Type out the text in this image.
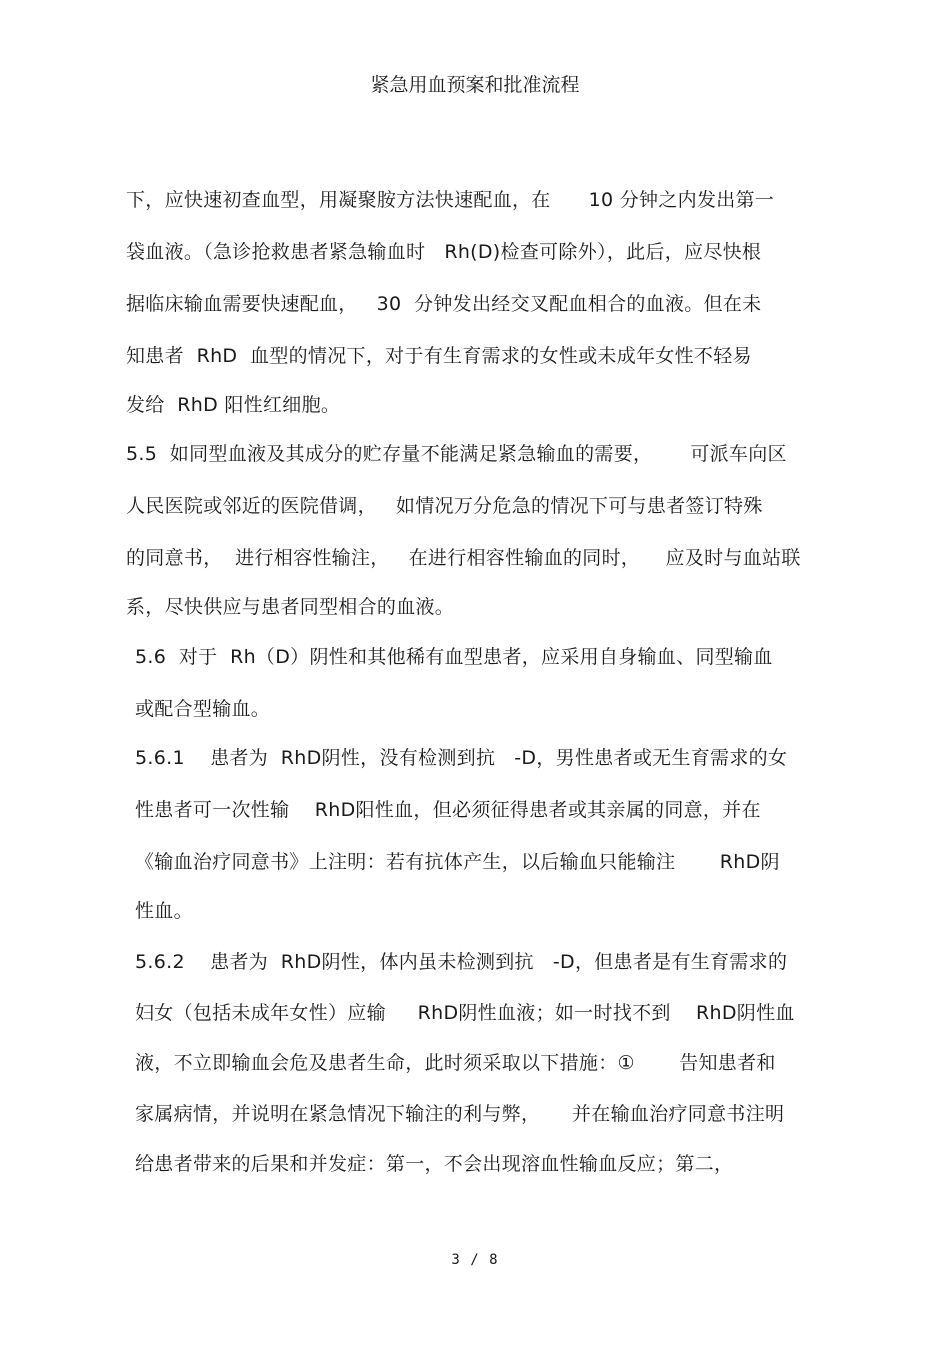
紧急用血预案和批准流程
下，应快速初查血型，用凝聚胺方法快速配血，在      10 分钟之内发出第一
袋血液。（急诊抢救患者紧急输血时   Rh(D)检查可除外），此后，应尽快根
据临床输血需要快速配血，   30  分钟发出经交叉配血相合的血液。但在未
知患者  RhD  血型的情况下，对于有生育需求的女性或未成年女性不轻易
发给  RhD 阳性红细胞。
5.5  如同型血液及其成分的贮存量不能满足紧急输血的需要，      可派车向区
人民医院或邻近的医院借调，   如情况万分危急的情况下可与患者签订特殊
的同意书，  进行相容性输注，   在进行相容性输血的同时，    应及时与血站联
系，尽快供应与患者同型相合的血液。
5.6  对于  Rh（D）阴性和其他稀有血型患者，应采用自身输血、同型输血
或配合型输血。
5.6.1    患者为  RhD阴性，没有检测到抗   -D，男性患者或无生育需求的女
性患者可一次性输    RhD阳性血，但必须征得患者或其亲属的同意，并在
《输血治疗同意书》上注明：若有抗体产生，以后输血只能输注       RhD阴
性血。
5.6.2    患者为  RhD阴性，体内虽未检测到抗   -D，但患者是有生育需求的
妇女（包括未成年女性）应输     RhD阴性血液；如一时找不到    RhD阴性血
液，不立即输血会危及患者生命，此时须采取以下措施：①       告知患者和
家属病情，并说明在紧急情况下输注的利与弊，     并在输血治疗同意书注明
给患者带来的后果和并发症：第一，不会出现溶血性输血反应；第二，
3 / 8
